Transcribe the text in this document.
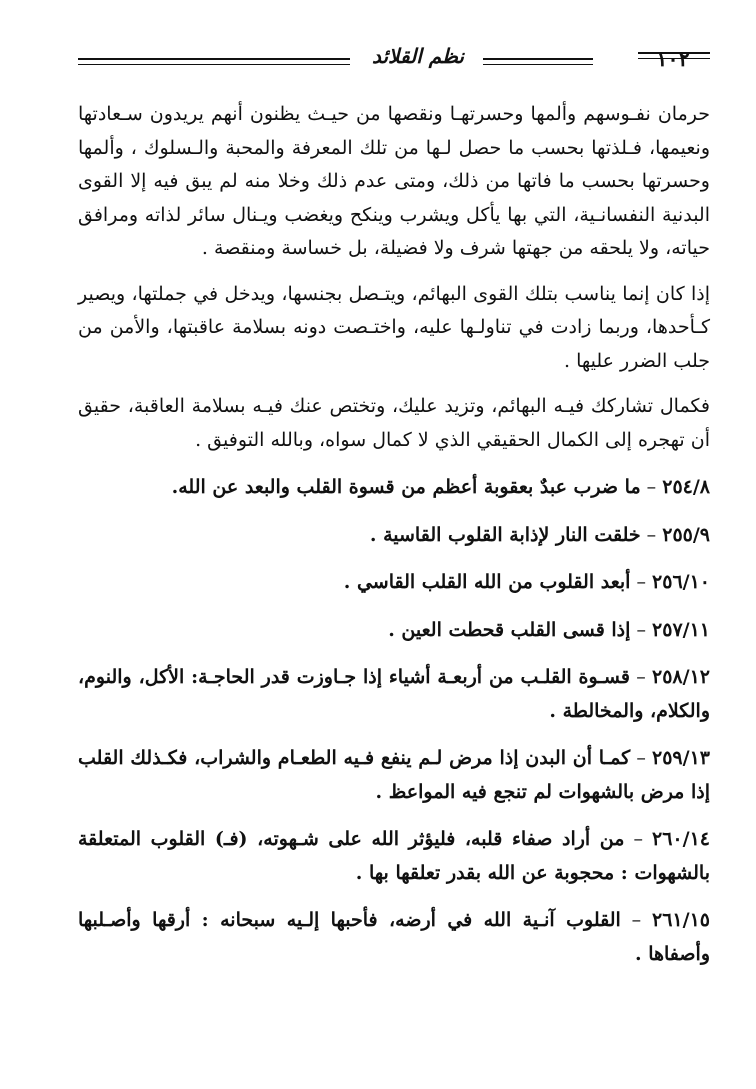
١٠٢
نظم القلائد

حرمان نفـوسهم وألمها وحسرتهـا ونقصها من حيـث يظنون أنهم يريدون سـعادتها ونعيمها، فـلذتها بحسب ما حصل لـها من تلك المعرفة والمحبة والـسلوك ، وألمها وحسرتها بحسب ما فاتها من ذلك، ومتى عدم ذلك وخلا منه لم يبق فيه إلا القوى البدنية النفسانـية، التي بها يأكل ويشرب وينكح ويغضب ويـنال سائر لذاته ومرافق حياته، ولا يلحقه من جهتها شرف ولا فضيلة، بل خساسة ومنقصة .

إذا كان إنما يناسب بتلك القوى البهائم، ويتـصل بجنسها، ويدخل في جملتها، ويصير كـأحدها، وربما زادت في تناولـها عليه، واختـصت دونه بسلامة عاقبتها، والأمن من جلب الضرر عليها .

فكمال تشاركك فيـه البهائم، وتزيد عليك، وتختص عنك فيـه بسلامة العاقبة، حقيق أن تهجره إلى الكمال الحقيقي الذي لا كمال سواه، وبالله التوفيق .

٢٥٤/٨ – ما ضرب عبدٌ بعقوبة أعظم من قسوة القلب والبعد عن الله.

٢٥٥/٩ – خلقت النار لإذابة القلوب القاسية .

٢٥٦/١٠ – أبعد القلوب من الله القلب القاسي .

٢٥٧/١١ – إذا قسى القلب قحطت العين .

٢٥٨/١٢ – قسـوة القلـب من أربعـة أشياء إذا جـاوزت قدر الحاجـة: الأكل، والنوم، والكلام، والمخالطة .

٢٥٩/١٣ – كمـا أن البدن إذا مرض لـم ينفع فـيه الطعـام والشراب، فكـذلك القلب إذا مرض بالشهوات لم تنجع فيه المواعظ .

٢٦٠/١٤ – من أراد صفاء قلبه، فليؤثر الله على شـهوته، (فـ) القلوب المتعلقة بالشهوات : محجوبة عن الله بقدر تعلقها بها .

٢٦١/١٥ – القلوب آنـية الله في أرضه، فأحبها إلـيه سبحانه : أرقها وأصـلبها وأصفاها .
